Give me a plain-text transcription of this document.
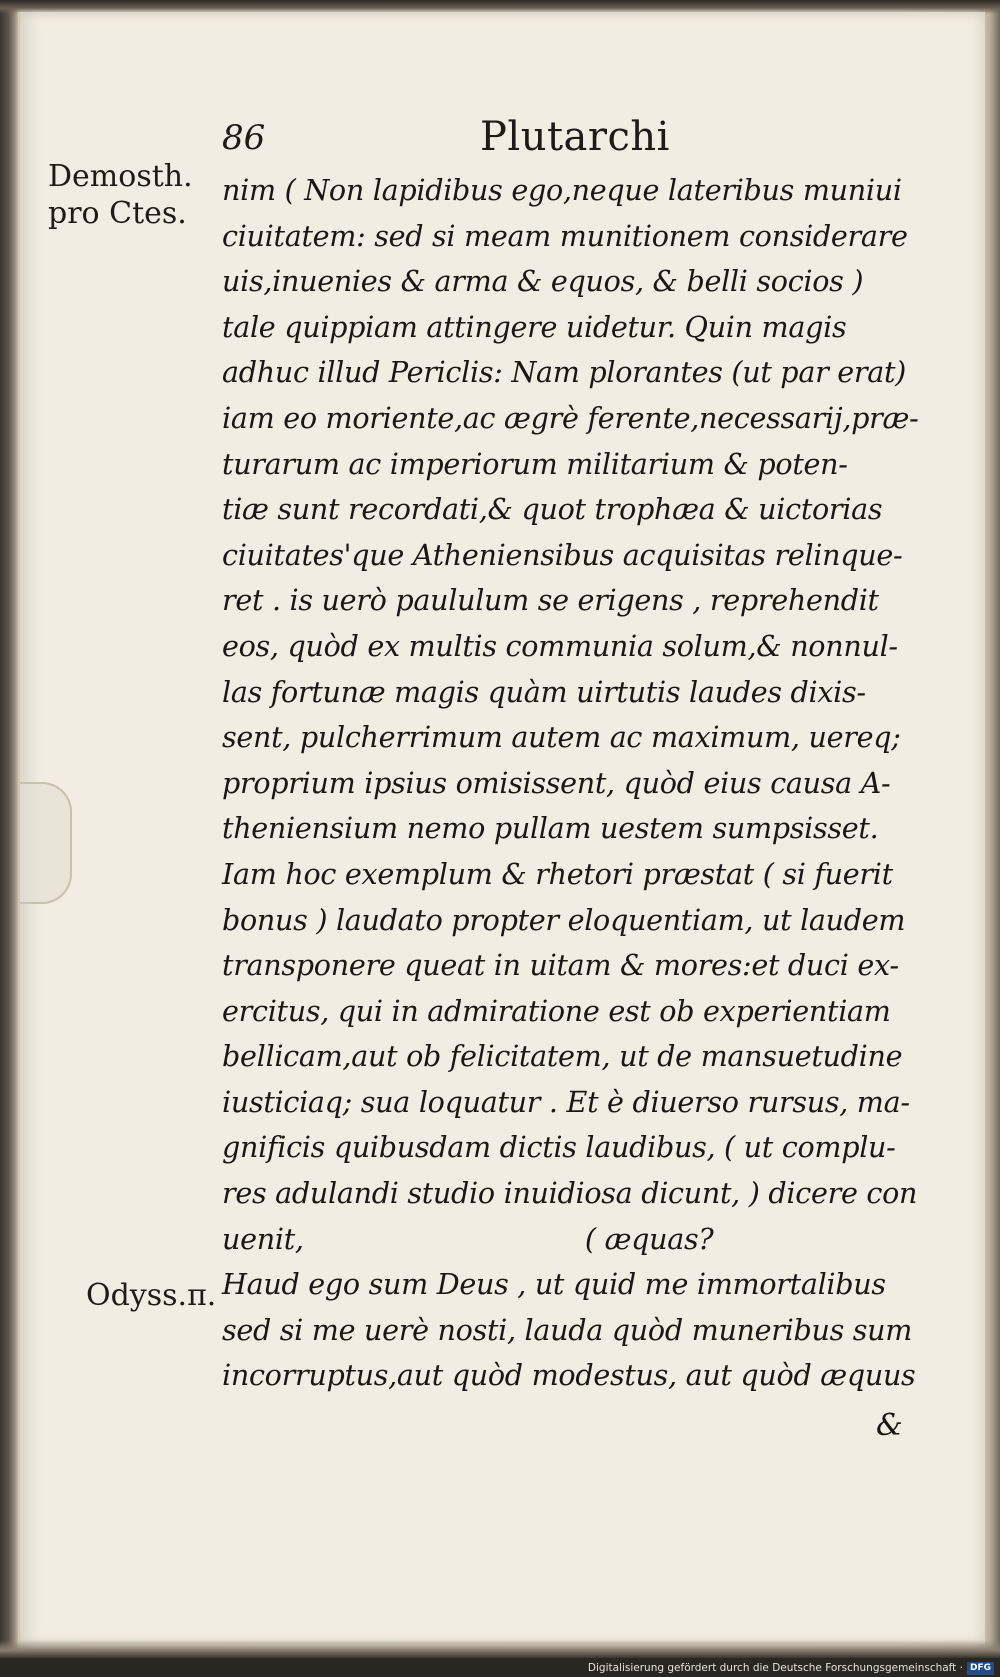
86	Plutarchi
Demosth.
pro Ctes.
Odyss.π.
nim ( Non lapidibus ego,neque lateribus muniui
ciuitatem: sed si meam munitionem considerare
uis,inuenies & arma & equos, & belli socios )
tale quippiam attingere uidetur. Quin magis
adhuc illud Periclis: Nam plorantes (ut par erat)
iam eo moriente,ac ægrè ferente,necessarij,præ-
turarum ac imperiorum militarium & poten-
tiæ sunt recordati,& quot trophæa & uictorias
ciuitates'que Atheniensibus acquisitas relinque-
ret . is uerò paululum se erigens , reprehendit
eos, quòd ex multis communia solum,& nonnul-
las fortunæ magis quàm uirtutis laudes dixis-
sent, pulcherrimum autem ac maximum, uereq;
proprium ipsius omisissent, quòd eius causa A-
theniensium nemo pullam uestem sumpsisset.
Iam hoc exemplum & rhetori præstat ( si fuerit
bonus ) laudato propter eloquentiam, ut laudem
transponere queat in uitam & mores:et duci ex-
ercitus, qui in admiratione est ob experientiam
bellicam,aut ob felicitatem, ut de mansuetudine
iusticiaq; sua loquatur . Et è diuerso rursus, ma-
gnificis quibusdam dictis laudibus, ( ut complu-
res adulandi studio inuidiosa dicunt, ) dicere con
uenit,                                ( æquas?
Haud ego sum Deus , ut quid me immortalibus
sed si me uerè nosti, lauda quòd muneribus sum
incorruptus,aut quòd modestus, aut quòd æquus
&
Digitalisierung gefördert durch die Deutsche Forschungsgemeinschaft · DFG
